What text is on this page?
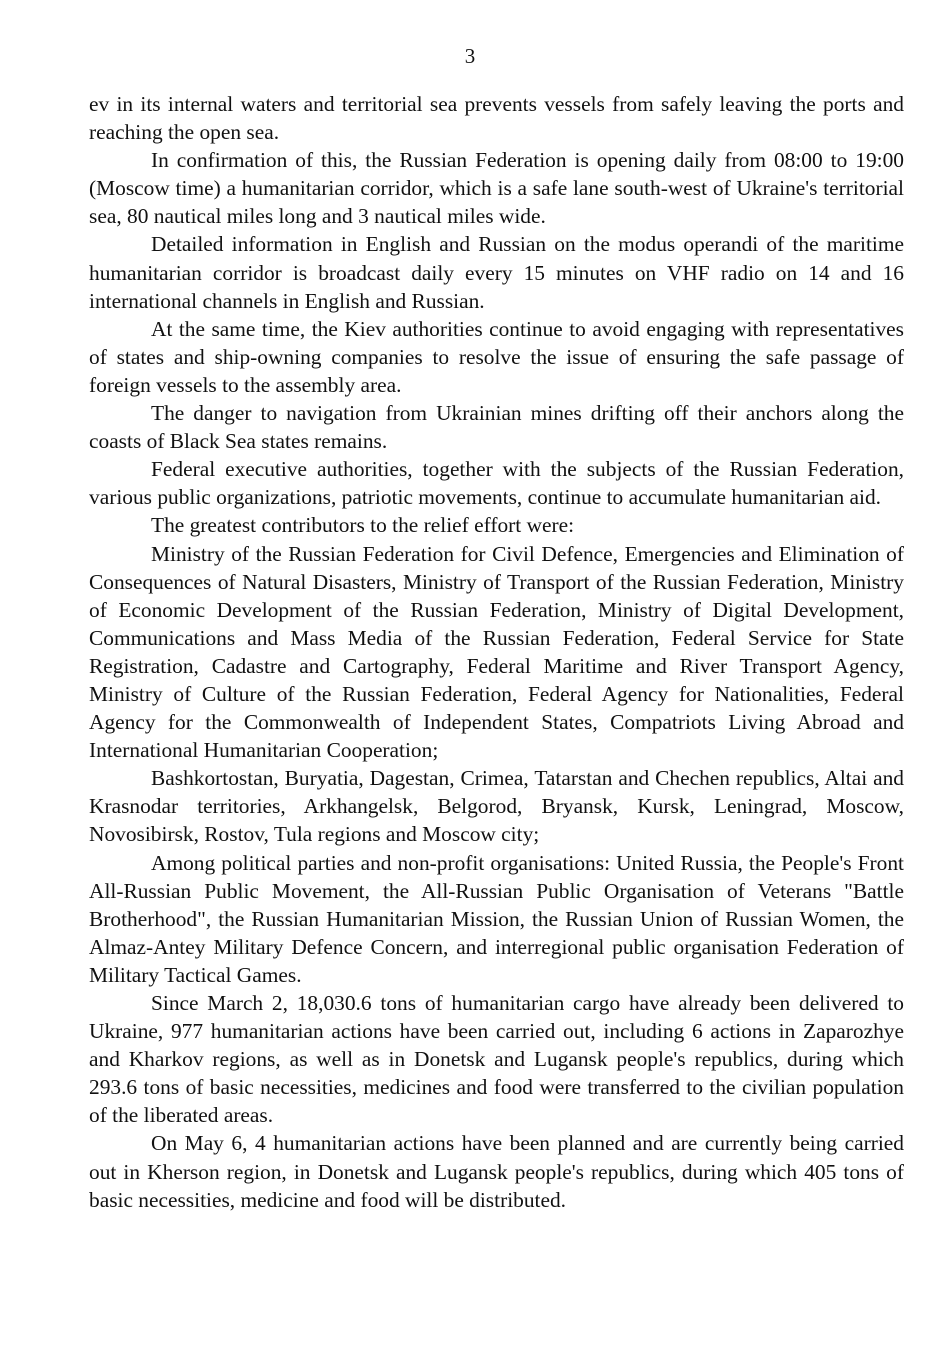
3

ev in its internal waters and territorial sea prevents vessels from safely leaving the ports and reaching the open sea.

In confirmation of this, the Russian Federation is opening daily from 08:00 to 19:00 (Moscow time) a humanitarian corridor, which is a safe lane south-west of Ukraine's territorial sea, 80 nautical miles long and 3 nautical miles wide.

Detailed information in English and Russian on the modus operandi of the maritime humanitarian corridor is broadcast daily every 15 minutes on VHF radio on 14 and 16 international channels in English and Russian.

At the same time, the Kiev authorities continue to avoid engaging with representatives of states and ship-owning companies to resolve the issue of ensuring the safe passage of foreign vessels to the assembly area.

The danger to navigation from Ukrainian mines drifting off their anchors along the coasts of Black Sea states remains.

Federal executive authorities, together with the subjects of the Russian Federation, various public organizations, patriotic movements, continue to accumulate humanitarian aid.

The greatest contributors to the relief effort were:

Ministry of the Russian Federation for Civil Defence, Emergencies and Elimination of Consequences of Natural Disasters, Ministry of Transport of the Russian Federation, Ministry of Economic Development of the Russian Federation, Ministry of Digital Development, Communications and Mass Media of the Russian Federation, Federal Service for State Registration, Cadastre and Cartography, Federal Maritime and River Transport Agency, Ministry of Culture of the Russian Federation, Federal Agency for Nationalities, Federal Agency for the Commonwealth of Independent States, Compatriots Living Abroad and International Humanitarian Cooperation;

Bashkortostan, Buryatia, Dagestan, Crimea, Tatarstan and Chechen republics, Altai and Krasnodar territories, Arkhangelsk, Belgorod, Bryansk, Kursk, Leningrad, Moscow, Novosibirsk, Rostov, Tula regions and Moscow city;

Among political parties and non-profit organisations: United Russia, the People's Front All-Russian Public Movement, the All-Russian Public Organisation of Veterans "Battle Brotherhood", the Russian Humanitarian Mission, the Russian Union of Russian Women, the Almaz-Antey Military Defence Concern, and interregional public organisation Federation of Military Tactical Games.

Since March 2, 18,030.6 tons of humanitarian cargo have already been delivered to Ukraine, 977 humanitarian actions have been carried out, including 6 actions in Zaparozhye and Kharkov regions, as well as in Donetsk and Lugansk people's republics, during which 293.6 tons of basic necessities, medicines and food were transferred to the civilian population of the liberated areas.

On May 6, 4 humanitarian actions have been planned and are currently being carried out in Kherson region, in Donetsk and Lugansk people's republics, during which 405 tons of basic necessities, medicine and food will be distributed.
